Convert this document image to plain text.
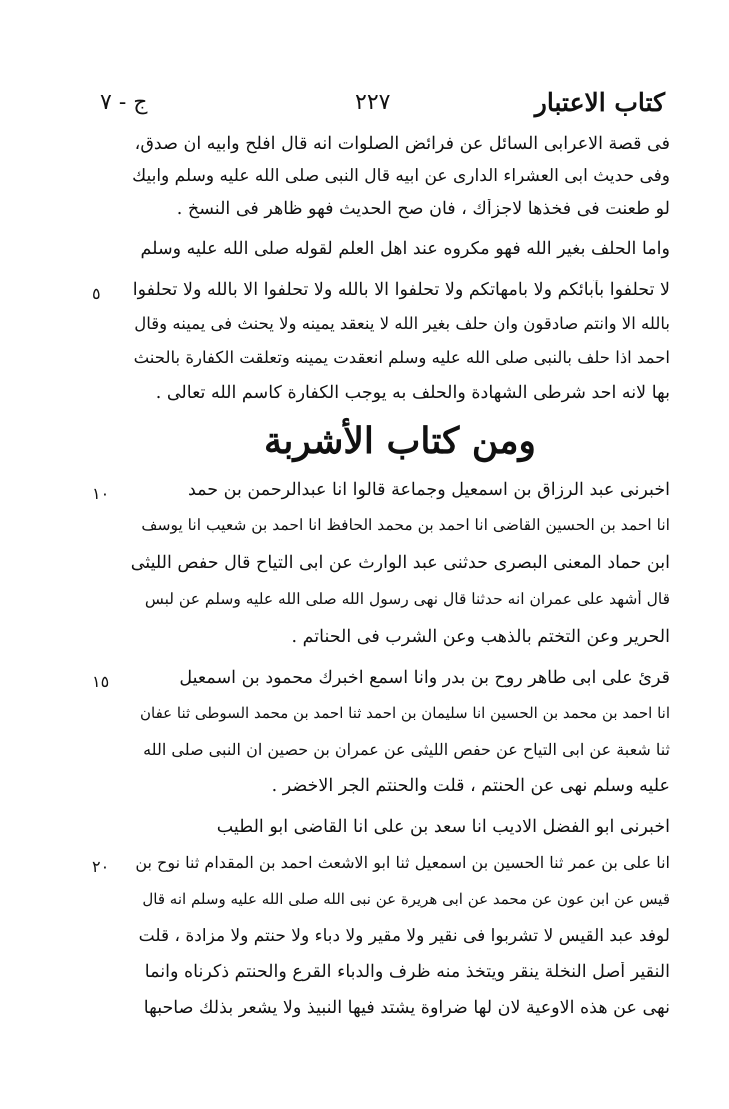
كتاب الاعتبار
٢٢٧
ج - ٧
فى قصة الاعرابى السائل عن فرائض الصلوات انه قال افلح وابيه ان صدق،
وفى حديث ابى العشراء الدارى عن ابيه قال النبى صلى الله عليه وسلم وابيك
لو طعنت فى فخذها لاجزأك ، فان صح الحديث فهو ظاهر فى النسخ .
واما الحلف بغير الله فهو مكروه عند اهل العلم لقوله صلى الله عليه وسلم
لا تحلفوا بآبائكم ولا بامهاتكم ولا تحلفوا الا بالله ولا تحلفوا الا بالله ولا تحلفوا
بالله الا وانتم صادقون وان حلف بغير الله لا ينعقد يمينه ولا يحنث فى يمينه وقال
احمد اذا حلف بالنبى صلى الله عليه وسلم انعقدت يمينه وتعلقت الكفارة بالحنث
بها لانه احد شرطى الشهادة والحلف به يوجب الكفارة كاسم الله تعالى .
٥
ومن كتاب الأشربة
اخبرنى عبد الرزاق بن اسمعيل وجماعة قالوا انا عبدالرحمن بن حمد
انا احمد بن الحسين القاضى انا احمد بن محمد الحافظ انا احمد بن شعيب انا يوسف
ابن حماد المعنى البصرى حدثنى عبد الوارث عن ابى التياح قال حفص الليثى
قال أشهد على عمران انه حدثنا قال نهى رسول الله صلى الله عليه وسلم عن لبس
الحرير وعن التختم بالذهب وعن الشرب فى الحناتم .
١٠
قرئ على ابى طاهر روح بن بدر وانا اسمع اخبرك محمود بن اسمعيل
انا احمد بن محمد بن الحسين انا سليمان بن احمد ثنا احمد بن محمد السوطى ثنا عفان
ثنا شعبة عن ابى التياح عن حفص الليثى عن عمران بن حصين ان النبى صلى الله
عليه وسلم نهى عن الحنتم ، قلت والحنتم الجر الاخضر .
١٥
اخبرنى ابو الفضل الاديب انا سعد بن على انا القاضى ابو الطيب
انا على بن عمر ثنا الحسين بن اسمعيل ثنا ابو الاشعث احمد بن المقدام ثنا نوح بن
قيس عن ابن عون عن محمد عن ابى هريرة عن نبى الله صلى الله عليه وسلم انه قال
لوفد عبد القيس لا تشربوا فى نقير ولا مقير ولا دباء ولا حنتم ولا مزادة ، قلت
النقير أصل النخلة ينقر ويتخذ منه ظرف والدباء القرع والحنتم ذكرناه وانما
نهى عن هذه الاوعية لان لها ضراوة يشتد فيها النبيذ ولا يشعر بذلك صاحبها
٢٠
